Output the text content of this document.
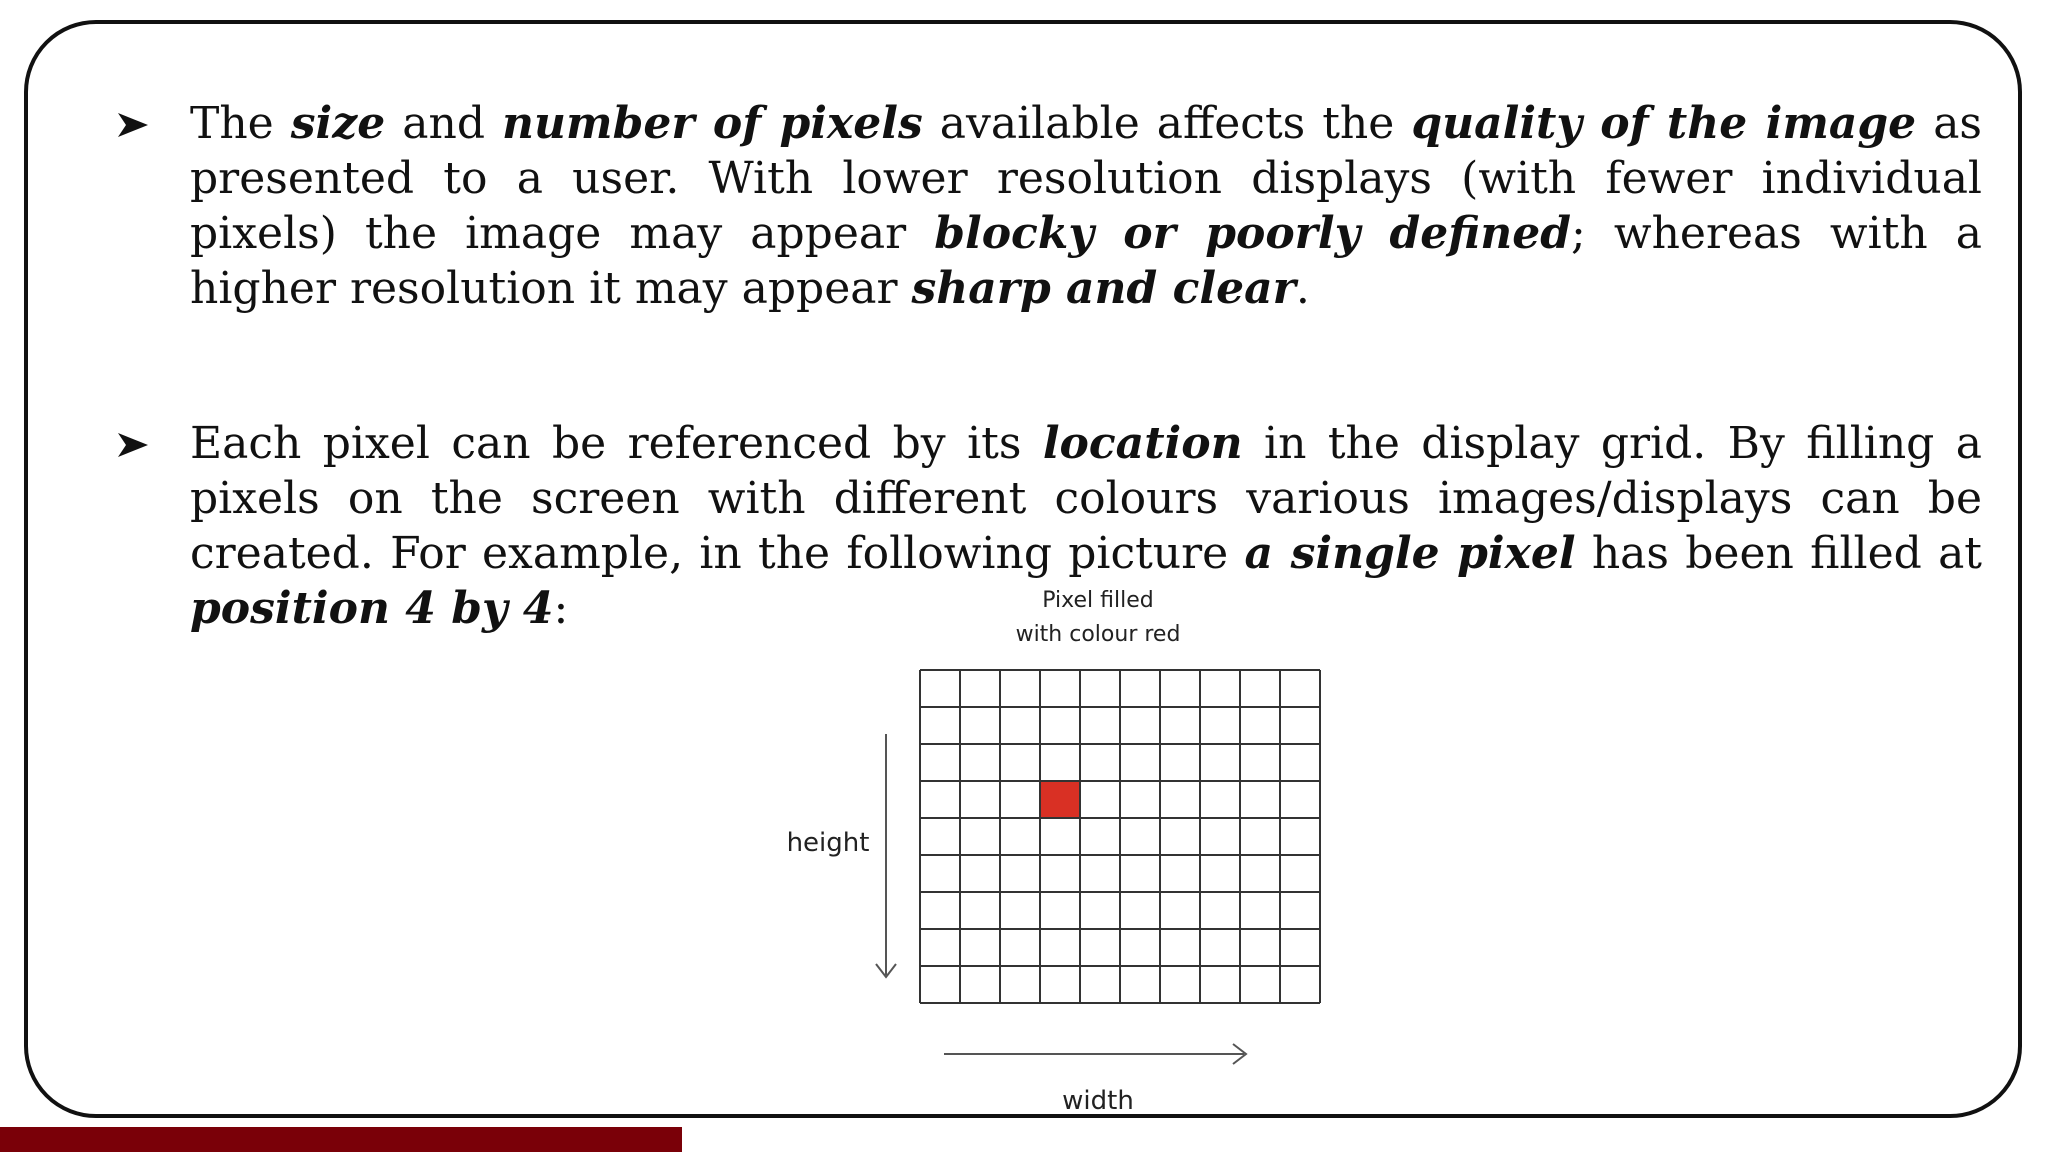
The size and number of pixels available affects the quality of the image as presented to a user. With lower resolution displays (with fewer individual pixels) the image may appear blocky or poorly defined; whereas with a higher resolution it may appear sharp and clear.
Each pixel can be referenced by its location in the display grid. By filling a pixels on the screen with different colours various images/displays can be created. For example, in the following picture a single pixel has been filled at position 4 by 4:	Pixel filled
with colour red
height
width
